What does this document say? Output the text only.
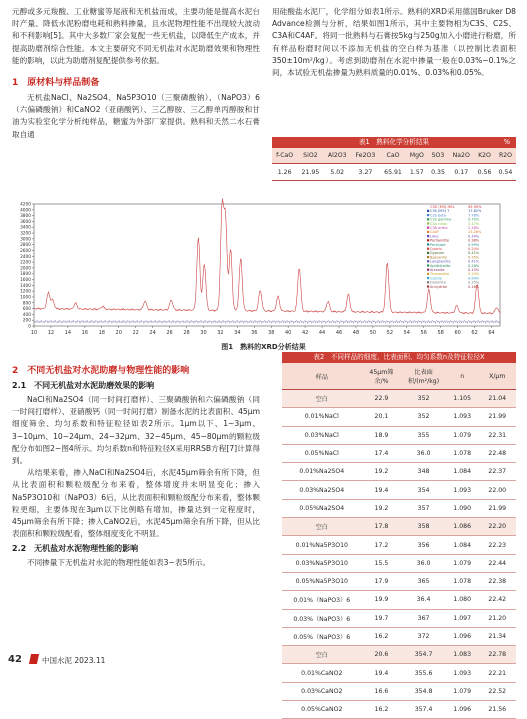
元醇或多元羧酸、工业糖蜜等尾液和无机盐而成，主要功能是提高水泥台时产量、降低水泥粉磨电耗和熟料掺量，且水泥物理性能不出现较大波动和不利影响[5]。其中大多数厂家会复配一些无机盐，以降低生产成本，并提高助磨剂综合性能。本文主要研究不同无机盐对水泥助磨效果和物理性能的影响，以此为助磨剂复配提供参考依据。

1　原材料与样品制备

无机盐NaCl、Na2SO4、Na5P3O10（三聚磷酸钠）、（NaPO3）6（六偏磷酸钠）和CaNO2（亚硝酸钙）、三乙醇胺、三乙醇单丙醇胺和甘油为实验室化学分析纯样品，糖蜜为外部厂家提供。熟料和天然二水石膏取自通

用硅酸盐水泥厂，化学组分如表1所示。熟料的XRD采用德国Bruker D8 Advance检测与分析，结果如图1所示，其中主要物相为C3S、C2S、C3A和C4AF。将同一批熟料与石膏按5kg与250g加入小磨进行粉磨，所有样品粉磨时间以不添加无机盐的空白样为基准（以控制比表面积350±10m²/kg）。考虑到助磨剂在水泥中掺量一般在0.03%~0.1%之间，本试验无机盐掺量为熟料质量的0.01%、0.03%和0.05%。

表1　熟料化学分析结果	%
f-CaO	SiO2	Al2O3	Fe2O3	CaO	MgO	SO3	Na2O	K2O	R2O
1.26	21.95	5.02	3.27	65.91	1.57	0.35	0.17	0.56	0.54
0
200
400
600
800
1000
1200
1400
1600
1800
2000
2200
2400
2600
2800
3000
3200
3400
3600
3800
4000
4200
10 12 14 16 18 20 22 24 26 28 30 32 34 36 38 40 42 44 46 48 50 52 54 56 58 60 62 64
C3S (M3) HKL	45.90%
C3S (M3) T	17.82%
C2S beta	7.78%
C2S gamma	0.79%
C3A cubic	3.17%
C3A ortho	2.16%
C4AF	13.28%
Lime	0.34%
Portlandite	0.38%
Periclase	0.99%
Quartz	0.24%
Gypsum	0.41%
Bassanite	0.35%
Langbeinite	0.41%
Aphthitalite	0.26%
Arcanite	0.12%
Thenardite	0.20%
Calcite	0.64%
Dolomite	0.35%
Anhydrite	0.16%
图1　熟料的XRD分析结果
2　不同无机盐对水泥助磨与物理性能的影响
2.1　不同无机盐对水泥助磨效果的影响

NaCl和Na2SO4（同一时间打磨样）、三聚磷酸钠和六偏磷酸钠（同一时间打磨样）、亚硝酸钙（同一时间打磨）制备水泥的比表面积、45μm细度筛余、均匀系数和特征粒径如表2所示。1μm以下、1~3μm、3~10μm、10~24μm、24~32μm、32~45μm、45~80μm的颗粒级配分布如图2~图4所示。均匀系数n和特征粒径X采用RRSB方程[7]计算得到。

从结果来看，掺入NaCl和Na2SO4后，水泥45μm筛余有所下降，但从比表面积和颗粒级配分布来看，整体增度并未明显变化；掺入Na5P3O10和（NaPO3）6后，从比表面积和颗粒级配分布来看，整体颗粒更细，主要体现在3μm以下比例略有增加，掺量达到一定程度时，45μm筛余有所下降；掺入CaNO2后，水泥45μm筛余有所下降，但从比表面积和颗粒级配看，整体细度变化不明显。

2.2　无机盐对水泥物理性能的影响

不同掺量下无机盐对水泥的物理性能如表3~表5所示。

表2　不同样品的细度、比表面积、均匀系数n及特征粒径X
样品	45μm筛余/%	比表面积/(m²/kg)	n	X/μm
空白	22.9	352	1.105	21.04
0.01%NaCl	20.1	352	1.093	21.99
0.03%NaCl	18.9	355	1.079	22.31
0.05%NaCl	17.4	36.0	1.078	22.48
0.01%Na2SO4	19.2	348	1.084	22.37
0.03%Na2SO4	19.4	354	1.093	22.00
0.05%Na2SO4	19.2	357	1.090	21.99
空白	17.8	358	1.086	22.20
0.01%Na5P3O10	17.2	356	1.084	22.23
0.03%Na5P3O10	15.5	36.0	1.079	22.44
0.05%Na5P3O10	17.9	365	1.078	22.38
0.01%（NaPO3）6	19.9	36.4	1.080	22.42
0.03%（NaPO3）6	19.7	367	1.097	21.20
0.05%（NaPO3）6	16.2	372	1.096	21.34
空白	20.6	354.7	1.083	22.78
0.01%CaNO2	19.4	355.6	1.093	22.21
0.03%CaNO2	16.6	354.8	1.079	22.52
0.05%CaNO2	16.2	357.4	1.096	21.56
42	中国水泥 2023.11
